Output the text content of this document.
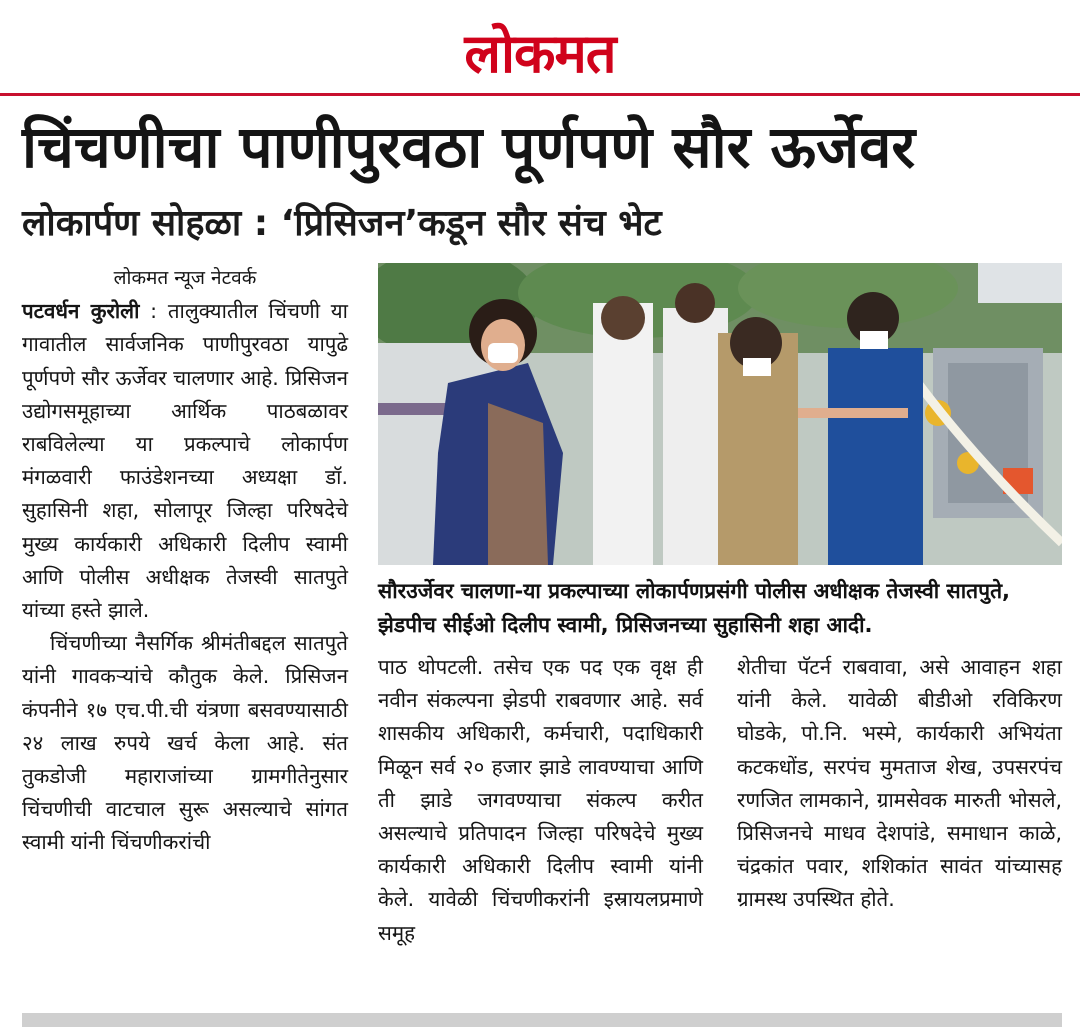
लोकमत
चिंचणीचा पाणीपुरवठा पूर्णपणे सौर ऊर्जेवर
लोकार्पण सोहळा : ‘प्रिसिजन’कडून सौर संच भेट

लोकमत न्यूज नेटवर्क

पटवर्धन कुरोली : तालुक्यातील चिंचणी या गावातील सार्वजनिक पाणीपुरवठा यापुढे पूर्णपणे सौर ऊर्जेवर चालणार आहे. प्रिसिजन उद्योगसमूहाच्या आर्थिक पाठबळावर राबविलेल्या या प्रकल्पाचे लोकार्पण मंगळवारी फाउंडेशनच्या अध्यक्षा डॉ. सुहासिनी शहा, सोलापूर जिल्हा परिषदेचे मुख्य कार्यकारी अधिकारी दिलीप स्वामी आणि पोलीस अधीक्षक तेजस्वी सातपुते यांच्या हस्ते झाले.

चिंचणीच्या नैसर्गिक श्रीमंतीबद्दल सातपुते यांनी गावकऱ्यांचे कौतुक केले. प्रिसिजन कंपनीने १७ एच.पी.ची यंत्रणा बसवण्यासाठी २४ लाख रुपये खर्च केला आहे. संत तुकडोजी महाराजांच्या ग्रामगीतेनुसार चिंचणीची वाटचाल सुरू असल्याचे सांगत स्वामी यांनी चिंचणीकरांची

सौरउर्जेवर चालणा-या प्रकल्पाच्या लोकार्पणप्रसंगी पोलीस अधीक्षक तेजस्वी सातपुते, झेडपीच सीईओ दिलीप स्वामी, प्रिसिजनच्या सुहासिनी शहा आदी.

पाठ थोपटली. तसेच एक पद एक वृक्ष ही नवीन संकल्पना झेडपी राबवणार आहे. सर्व शासकीय अधिकारी, कर्मचारी, पदाधिकारी मिळून सर्व २० हजार झाडे लावण्याचा आणि ती झाडे जगवण्याचा संकल्प करीत असल्याचे प्रतिपादन जिल्हा परिषदेचे मुख्य कार्यकारी अधिकारी दिलीप स्वामी यांनी केले. यावेळी चिंचणीकरांनी इस्रायलप्रमाणे समूह

शेतीचा पॅटर्न राबवावा, असे आवाहन शहा यांनी केले. यावेळी बीडीओ रविकिरण घोडके, पो.नि. भस्मे, कार्यकारी अभियंता कटकधोंड, सरपंच मुमताज शेख, उपसरपंच रणजित लामकाने, ग्रामसेवक मारुती भोसले, प्रिसिजनचे माधव देशपांडे, समाधान काळे, चंद्रकांत पवार, शशिकांत सावंत यांच्यासह ग्रामस्थ उपस्थित होते.
